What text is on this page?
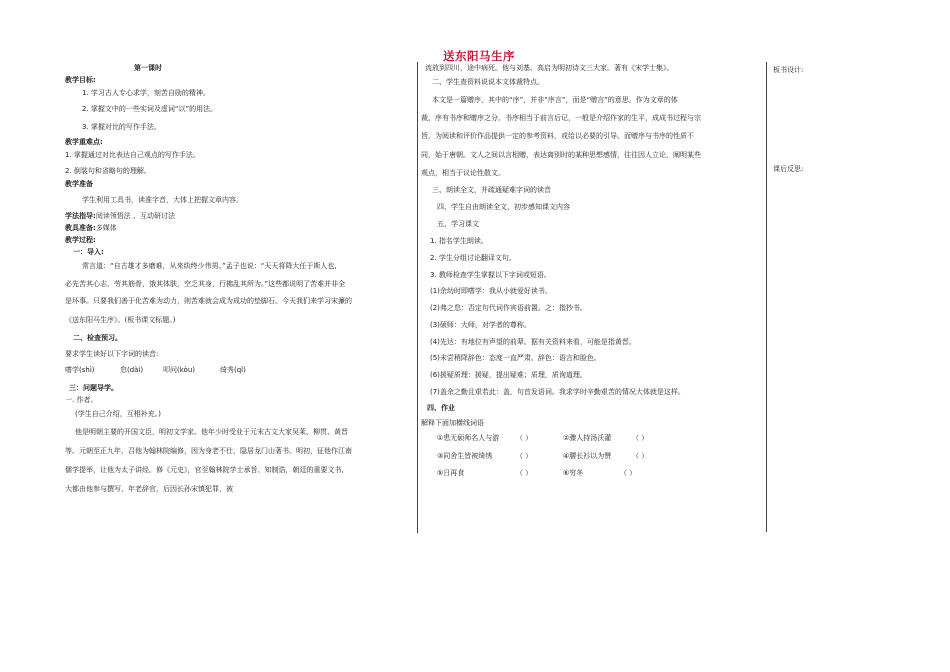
送东阳马生序
板书设计:
课后反思:
第一课时
教学目标:
1. 学习古人专心求学，刻苦自励的精神。
2. 掌握文中的一些实词及虚词“以”的用法。
3. 掌握对比的写作手法。
教学重难点:
1. 掌握通过对比表达自己观点的写作手法。
2. 倒装句和省略句的理解。
教学准备
学生利用工具书，读准字音，大体上把握文章内容。
学法指导:阅读领悟法 、互动研讨法
教具准备:多媒体
教学过程:
一：导入:
常言道：“自古雄才多磨难，从来纨绔少伟男。”孟子也说：“天天将降大任于斯人也,
必先苦其心志，劳其筋骨，饿其体肤，空乏其身，行拂乱其所为。”这些都说明了苦难并非全
是坏事。只要我们善于化苦难为动力，则苦难就会成为成功的垫脚石。今天我们来学习宋濂的
《送东阳马生序》。(板书课文标题。)
二、检查预习。
要求学生读好以下字词的读音:
嗜学(shì)	怠(dài)	叩问(kòu)	绮秀(qǐ)
三：问题导学。
一. 作者。
(学生自己介绍，互相补充。)
他是明朝主要的开国文臣，明初文学家。他年少时受业于元末古文大家吴莱、柳贯、黄晋
等。元朝至正九年，召他为翰林院编修，因为身老不仕，隐居龙门山著书。明初，征他作江南
儒学提举，让他为太子讲经。修《元史》，官至翰林院学士承旨、知制诰，朝廷的重要文书,
大都由他参与撰写，年老辞官，后因长孙宋慎犯罪，被
流放到四川，途中病死。他与刘基、高启为明初诗文三大家。著有《宋学士集》。
二、学生查资料说说本文体裁特点。
本文是一篇赠序，其中的“序”，并非“序言”，而是“赠言”的意思。作为文章的体
裁，序有书序和赠序之分。书序相当于前言后记，一般是介绍作家的生平，成成书过程与宗
旨，为阅读和评价作品提供一定的参考资料，或给以必要的引导。而赠序与书序的性质不
同，始于唐朝。文人之间以言相赠，表达离别时的某种思想感情，往往因人立论，阐明某些
观点，相当于议论性散文。
三、朗读全文，并疏通疑难字词的读音
四、学生自由朗读全文，初步感知课文内容
五、学习课文
1. 指名学生朗读。
2. 学生分组讨论翻译文句。
3. 教师检查学生掌握以下字词或短语。
(1)余幼时即嗜学：我从小就爱好读书。
(2)弗之怠：否定句代词作宾语前置。之：指抄书。
(3)硕师：大师，对学者的尊称。
(4)先达：有地位有声望的前辈。据有关资料来看，可能是指黄晋。
(5)未尝稍降辞色：态度一直严肃。辞色：语言和脸色。
(6)援疑质理：援疑，提出疑难；质理，质询道理。
(7)盖余之勤且艰若此：盖，句首发语词。我求学时辛勤艰苦的情况大体就是这样。
四、作业
解释下面加横线词语
①患无硕师名人与游 （ ）	②骤人持汤沃灌	（ ）
③同舍生皆被绮绣	（ ）	④腰长衫以为赞	（ ）
⑤日再食	（ ）	⑥穷冬	（ ）
